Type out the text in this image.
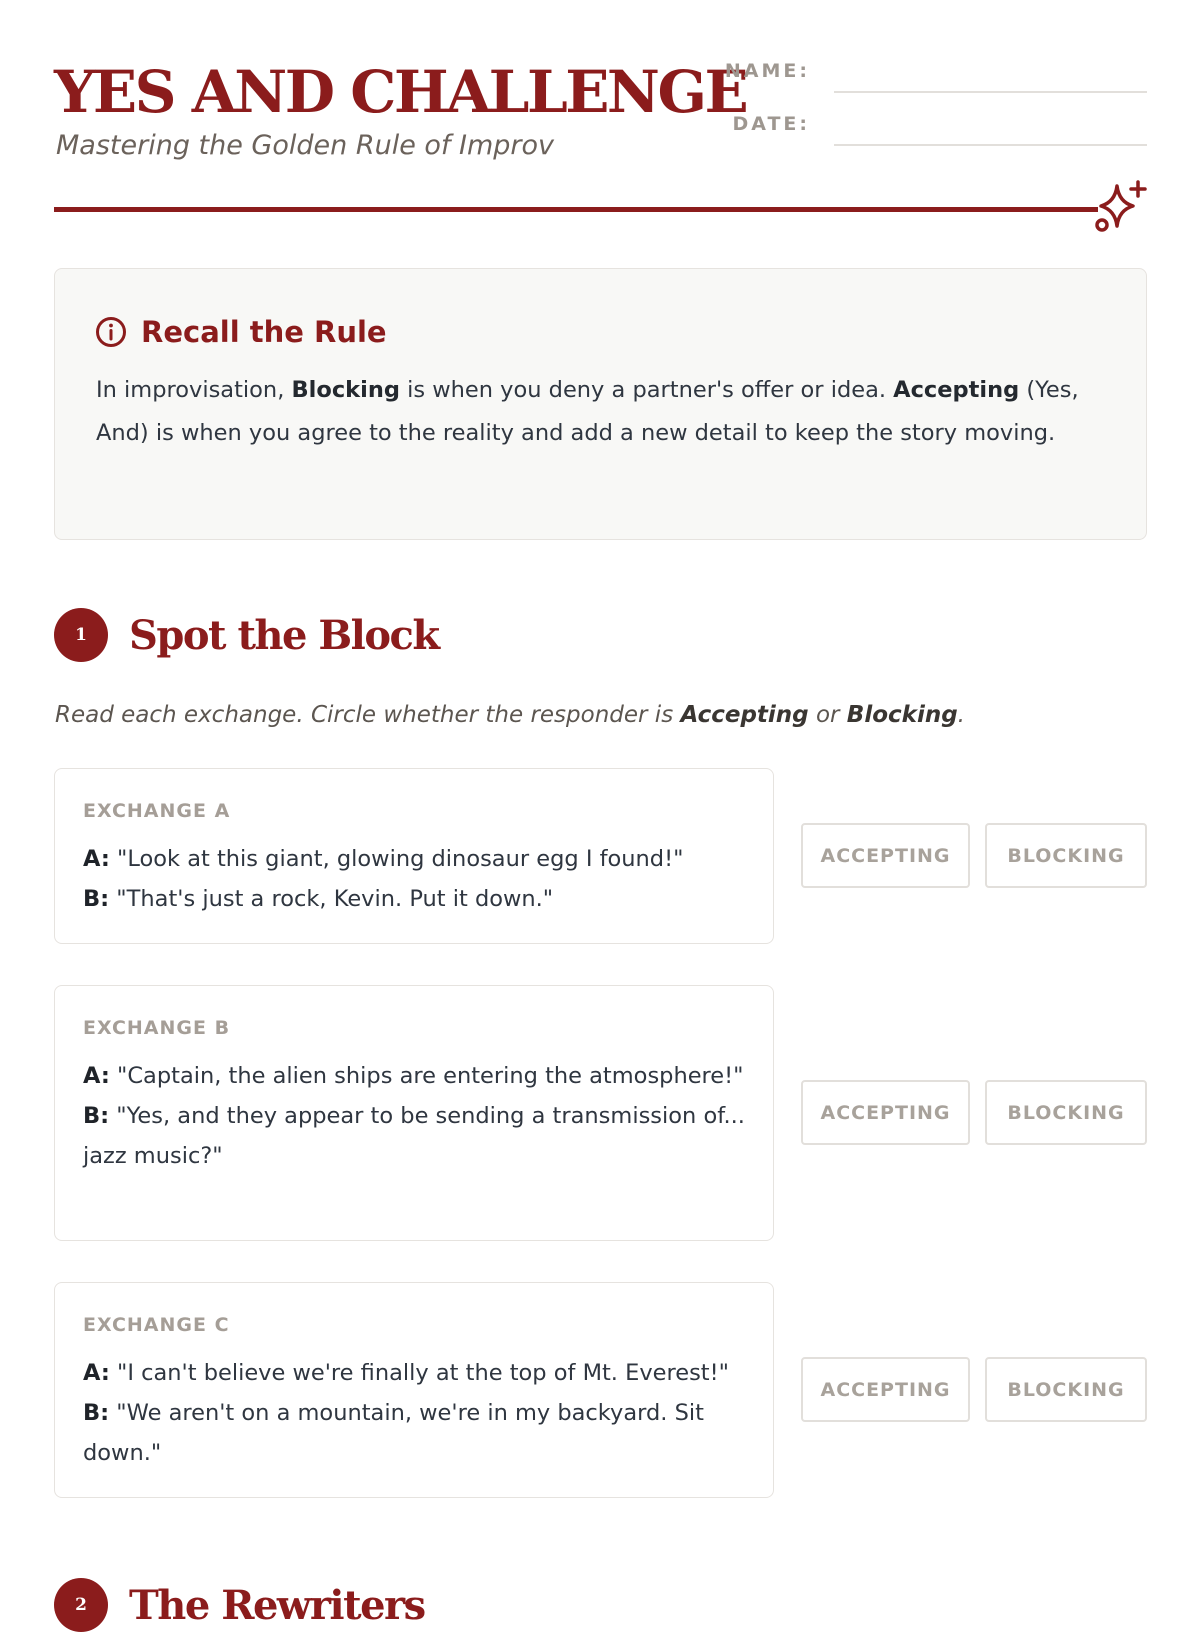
YES AND CHALLENGE
Mastering the Golden Rule of Improv
NAME:
DATE:
Recall the Rule

In improvisation, Blocking is when you deny a partner's offer or idea. Accepting (Yes, And) is when you agree to the reality and add a new detail to keep the story moving.

1	Spot the Block

Read each exchange. Circle whether the responder is Accepting or Blocking.

EXCHANGE A
A: "Look at this giant, glowing dinosaur egg I found!"
B: "That's just a rock, Kevin. Put it down."
ACCEPTING	BLOCKING
EXCHANGE B
A: "Captain, the alien ships are entering the atmosphere!"
B: "Yes, and they appear to be sending a transmission of... jazz music?"
ACCEPTING	BLOCKING
EXCHANGE C
A: "I can't believe we're finally at the top of Mt. Everest!"
B: "We aren't on a mountain, we're in my backyard. Sit down."
ACCEPTING	BLOCKING
2	The Rewriters
